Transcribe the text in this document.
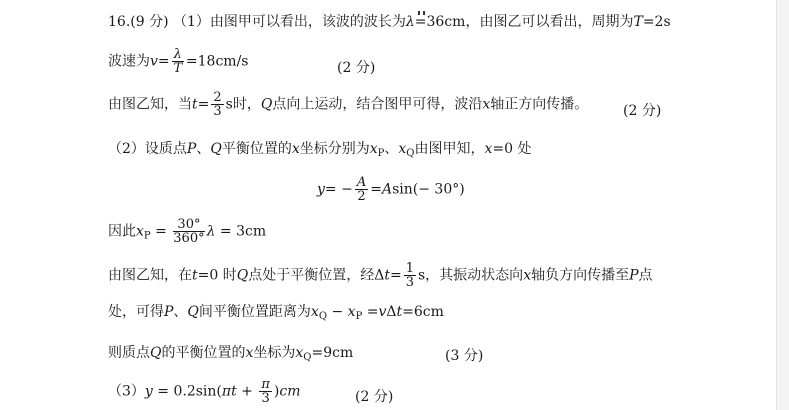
16.(9 分) （1）由图甲可以看出，该波的波长为λ=36cm，由图乙可以看出，周期为T=2s
波速为$v= \frac{\lambda}{T} =18cm/s$	(2 分)
由图乙知，当$t= \frac{2}{3}$ s时，Q点向上运动，结合图甲可得，波沿x轴正方向传播。 (2 分)
（2）设质点P、Q平衡位置的x坐标分别为$x_P$、$x_Q$由图甲知，x=0 处
$y= - \frac{A}{2} =Asin(- 30^\circ)$
因此$x_P = \frac{30^\circ}{360^\circ}$ λ = 3cm
由图乙知，在t=0 时Q点处于平衡位置，经$\Delta t= \frac{1}{3}$ s，其振动状态向x轴负方向传播至P点
处，可得P、Q间平衡位置距离为$x_Q - x_P =v\Delta t=6cm$
则质点Q的平衡位置的x坐标为$x_Q=9cm$	(3 分)
$(3)y = 0.2\sin(\pi t + \frac{\pi}{3} )cm$	(2 分)
